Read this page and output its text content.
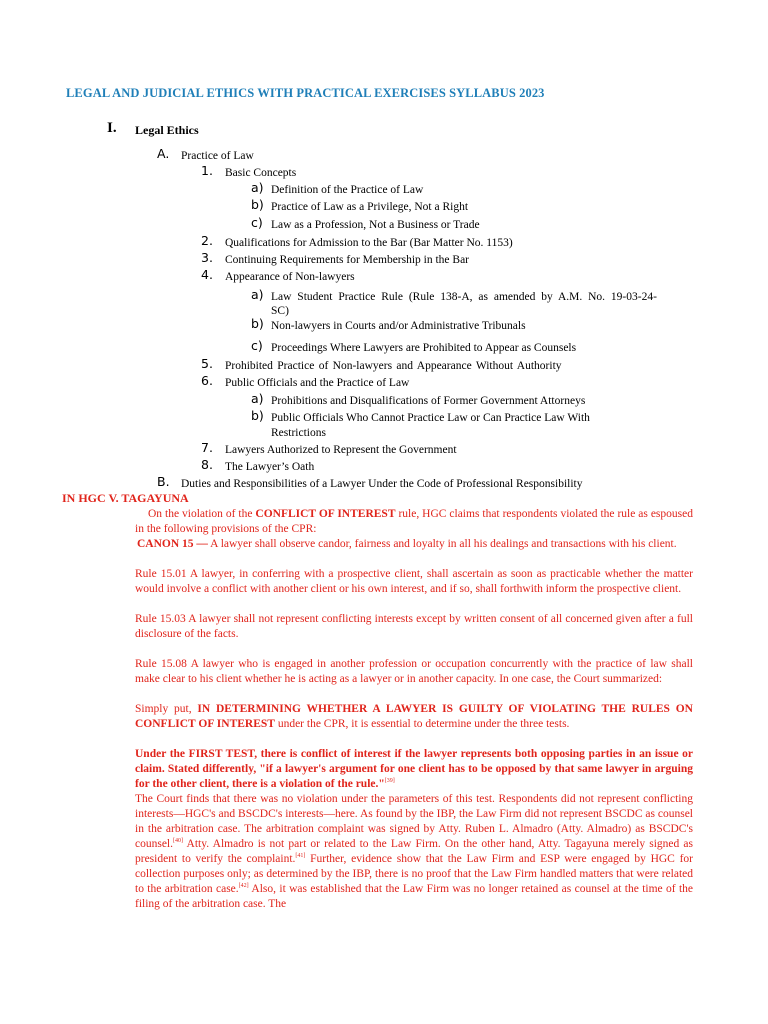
LEGAL AND JUDICIAL ETHICS WITH PRACTICAL EXERCISES SYLLABUS 2023
I. Legal Ethics
A. Practice of Law
1. Basic Concepts
a) Definition of the Practice of Law
b) Practice of Law as a Privilege, Not a Right
c) Law as a Profession, Not a Business or Trade
2. Qualifications for Admission to the Bar (Bar Matter No. 1153)
3. Continuing Requirements for Membership in the Bar
4. Appearance of Non-lawyers
a) Law Student Practice Rule (Rule 138-A, as amended by A.M. No. 19-03-24-
SC)
b) Non-lawyers in Courts and/or Administrative Tribunals
c) Proceedings Where Lawyers are Prohibited to Appear as Counsels
5. Prohibited Practice of Non-lawyers and Appearance Without Authority
6. Public Officials and the Practice of Law
a) Prohibitions and Disqualifications of Former Government Attorneys
b) Public Officials Who Cannot Practice Law or Can Practice Law With
Restrictions
7. Lawyers Authorized to Represent the Government
8. The Lawyer’s Oath
B. Duties and Responsibilities of a Lawyer Under the Code of Professional Responsibility
IN HGC V. TAGAYUNA
On the violation of the CONFLICT OF INTEREST rule, HGC claims that respondents violated the rule as espoused in the following provisions of the CPR:
CANON 15 — A lawyer shall observe candor, fairness and loyalty in all his dealings and transactions with his client.
Rule 15.01 A lawyer, in conferring with a prospective client, shall ascertain as soon as practicable whether the matter would involve a conflict with another client or his own interest, and if so, shall forthwith inform the prospective client.
Rule 15.03 A lawyer shall not represent conflicting interests except by written consent of all concerned given after a full disclosure of the facts.
Rule 15.08 A lawyer who is engaged in another profession or occupation concurrently with the practice of law shall make clear to his client whether he is acting as a lawyer or in another capacity. In one case, the Court summarized:
Simply put, IN DETERMINING WHETHER A LAWYER IS GUILTY OF VIOLATING THE RULES ON CONFLICT OF INTEREST under the CPR, it is essential to determine under the three tests.
Under the FIRST TEST, there is conflict of interest if the lawyer represents both opposing parties in an issue or claim. Stated differently, "if a lawyer's argument for one client has to be opposed by that same lawyer in arguing for the other client, there is a violation of the rule."[39]
The Court finds that there was no violation under the parameters of this test. Respondents did not represent conflicting interests—HGC's and BSCDC's interests—here. As found by the IBP, the Law Firm did not represent BSCDC as counsel in the arbitration case. The arbitration complaint was signed by Atty. Ruben L. Almadro (Atty. Almadro) as BSCDC's counsel.[40] Atty. Almadro is not part or related to the Law Firm. On the other hand, Atty. Tagayuna merely signed as president to verify the complaint.[41] Further, evidence show that the Law Firm and ESP were engaged by HGC for collection purposes only; as determined by the IBP, there is no proof that the Law Firm handled matters that were related to the arbitration case.[42] Also, it was established that the Law Firm was no longer retained as counsel at the time of the filing of the arbitration case. The
